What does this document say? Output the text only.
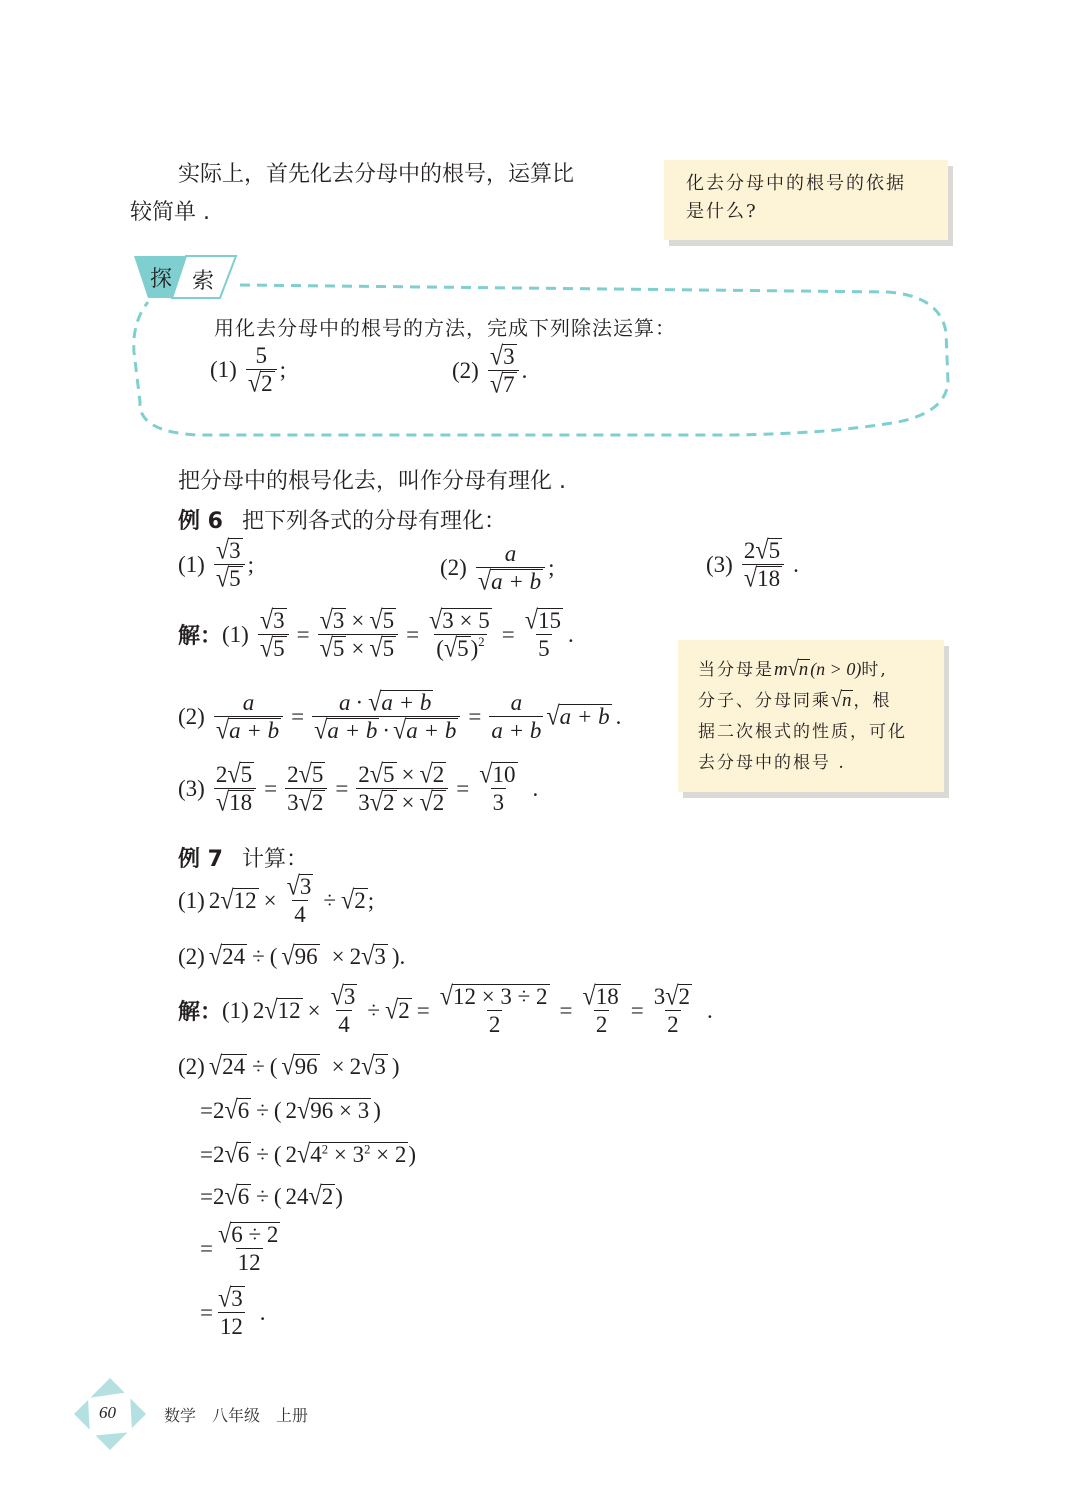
实际上，首先化去分母中的根号，运算比
较简单 .
化去分母中的根号的依据
是什么?
探 索
用化去分母中的根号的方法，完成下列除法运算：
$(1) \frac{5}{√ 2}$ ;	$(2) \frac{√ 3}{√ 7}$ .
把分母中的根号化去，叫作分母有理化 .
例 6 把下列各式的分母有理化：
$(1) \frac{√ 3}{√ 5}$ ;	$(2) \frac{a}{√ a + b}$ ;	$(3) \frac{2 √ 5}{√ 18}$ .
解： $(1) \frac{√ 3}{√ 5} = \frac{√ 3 \times √ 5}{√ 5 \times √ 5} = \frac{√ 3 \times 5}{( √ 5 )^2} = \frac{√ 15}{5}$ .
$(2) \frac{a}{√ a + b} = \frac{a \cdot √ a + b}{√ a + b \cdot √ a + b} = \frac{a}{a + b}$ √ a + b .
$(3) \frac{2 √ 5}{√ 18} = \frac{2 √ 5}{3 √ 2} = \frac{2 √ 5 \times √ 2}{3 √ 2 \times √ 2} = \frac{√ 10}{3}$ .
当分母是m √ n (n > 0)时,
分子、分母同乘 √ n ，根
据二次根式的性质，可化
去分母中的根号 .
例 7 计算：
(1) 2 √ $12 \times \frac{√ 3}{4}$ ÷ √ 2 ;
(2) √ 24 ÷ ( √ 96 × 2 √ 3 ) .
解： (1) 2 √ $12 \times \frac{√ 3}{4}$ ÷ √ $2 = \frac{√ 12 \times 3 \div 2}{2} = \frac{√ 18}{2} = \frac{3 √ 2}{2}$ .
(2) √ 24 ÷ ( √ 96 × 2 √ 3 )
= 2 √ 6 ÷ ( 2 √ 96 × 3 )
= 2 √ 6 ÷ ( 2 √ $4^2 \times 3^2 \times 2$ )
= 2 √ 6 ÷ ( 24 √ 2 )
= $\frac{√ 6 \div 2}{12}$
= $\frac{√ 3}{12}$ .
60	数学　八年级　上册
